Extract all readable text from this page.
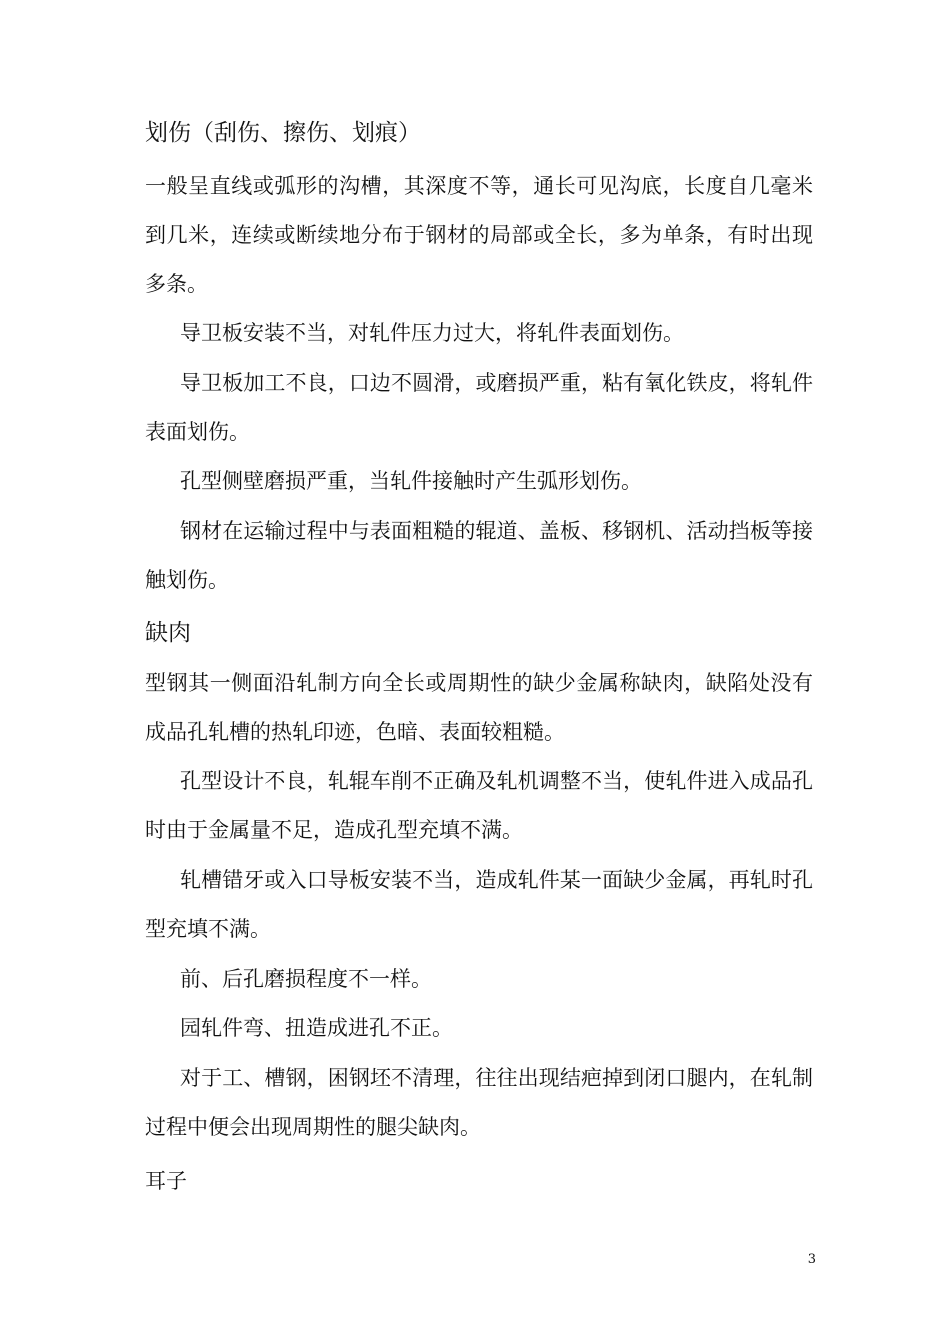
划伤（刮伤、擦伤、划痕）

一般呈直线或弧形的沟槽，其深度不等，通长可见沟底，长度自几毫米到几米，连续或断续地分布于钢材的局部或全长，多为单条，有时出现多条。

导卫板安装不当，对轧件压力过大，将轧件表面划伤。

导卫板加工不良，口边不圆滑，或磨损严重，粘有氧化铁皮，将轧件表面划伤。

孔型侧壁磨损严重，当轧件接触时产生弧形划伤。

钢材在运输过程中与表面粗糙的辊道、盖板、移钢机、活动挡板等接触划伤。

缺肉

型钢其一侧面沿轧制方向全长或周期性的缺少金属称缺肉，缺陷处没有成品孔轧槽的热轧印迹，色暗、表面较粗糙。

孔型设计不良，轧辊车削不正确及轧机调整不当，使轧件进入成品孔时由于金属量不足，造成孔型充填不满。

轧槽错牙或入口导板安装不当，造成轧件某一面缺少金属，再轧时孔型充填不满。

前、后孔磨损程度不一样。

园轧件弯、扭造成进孔不正。

对于工、槽钢，困钢坯不清理，往往出现结疤掉到闭口腿内，在轧制过程中便会出现周期性的腿尖缺肉。

耳子
3
